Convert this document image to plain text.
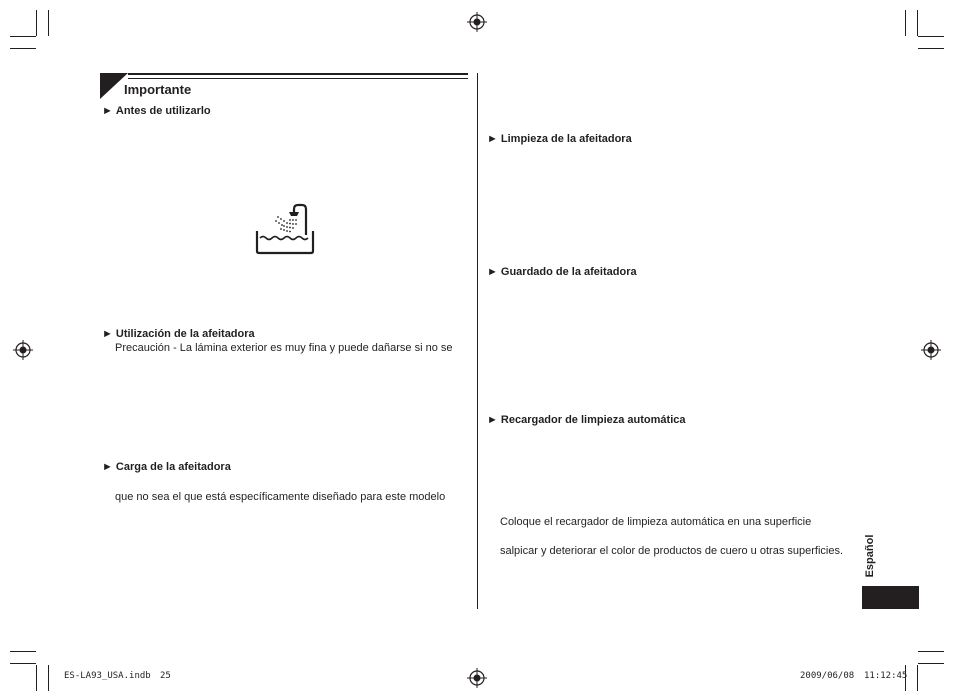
Importante
► Antes de utilizarlo
► Utilización de la afeitadora
Precaución - La lámina exterior es muy fina y puede dañarse si no se
► Carga de la afeitadora
que no sea el que está específicamente diseñado para este modelo
► Limpieza de la afeitadora
► Guardado de la afeitadora
► Recargador de limpieza automática
Coloque el recargador de limpieza automática en una superficie
salpicar y deteriorar el color de productos de cuero u otras superficies. Español
ES-LA93_USA.indb 25	2009/06/08 11:12:45
